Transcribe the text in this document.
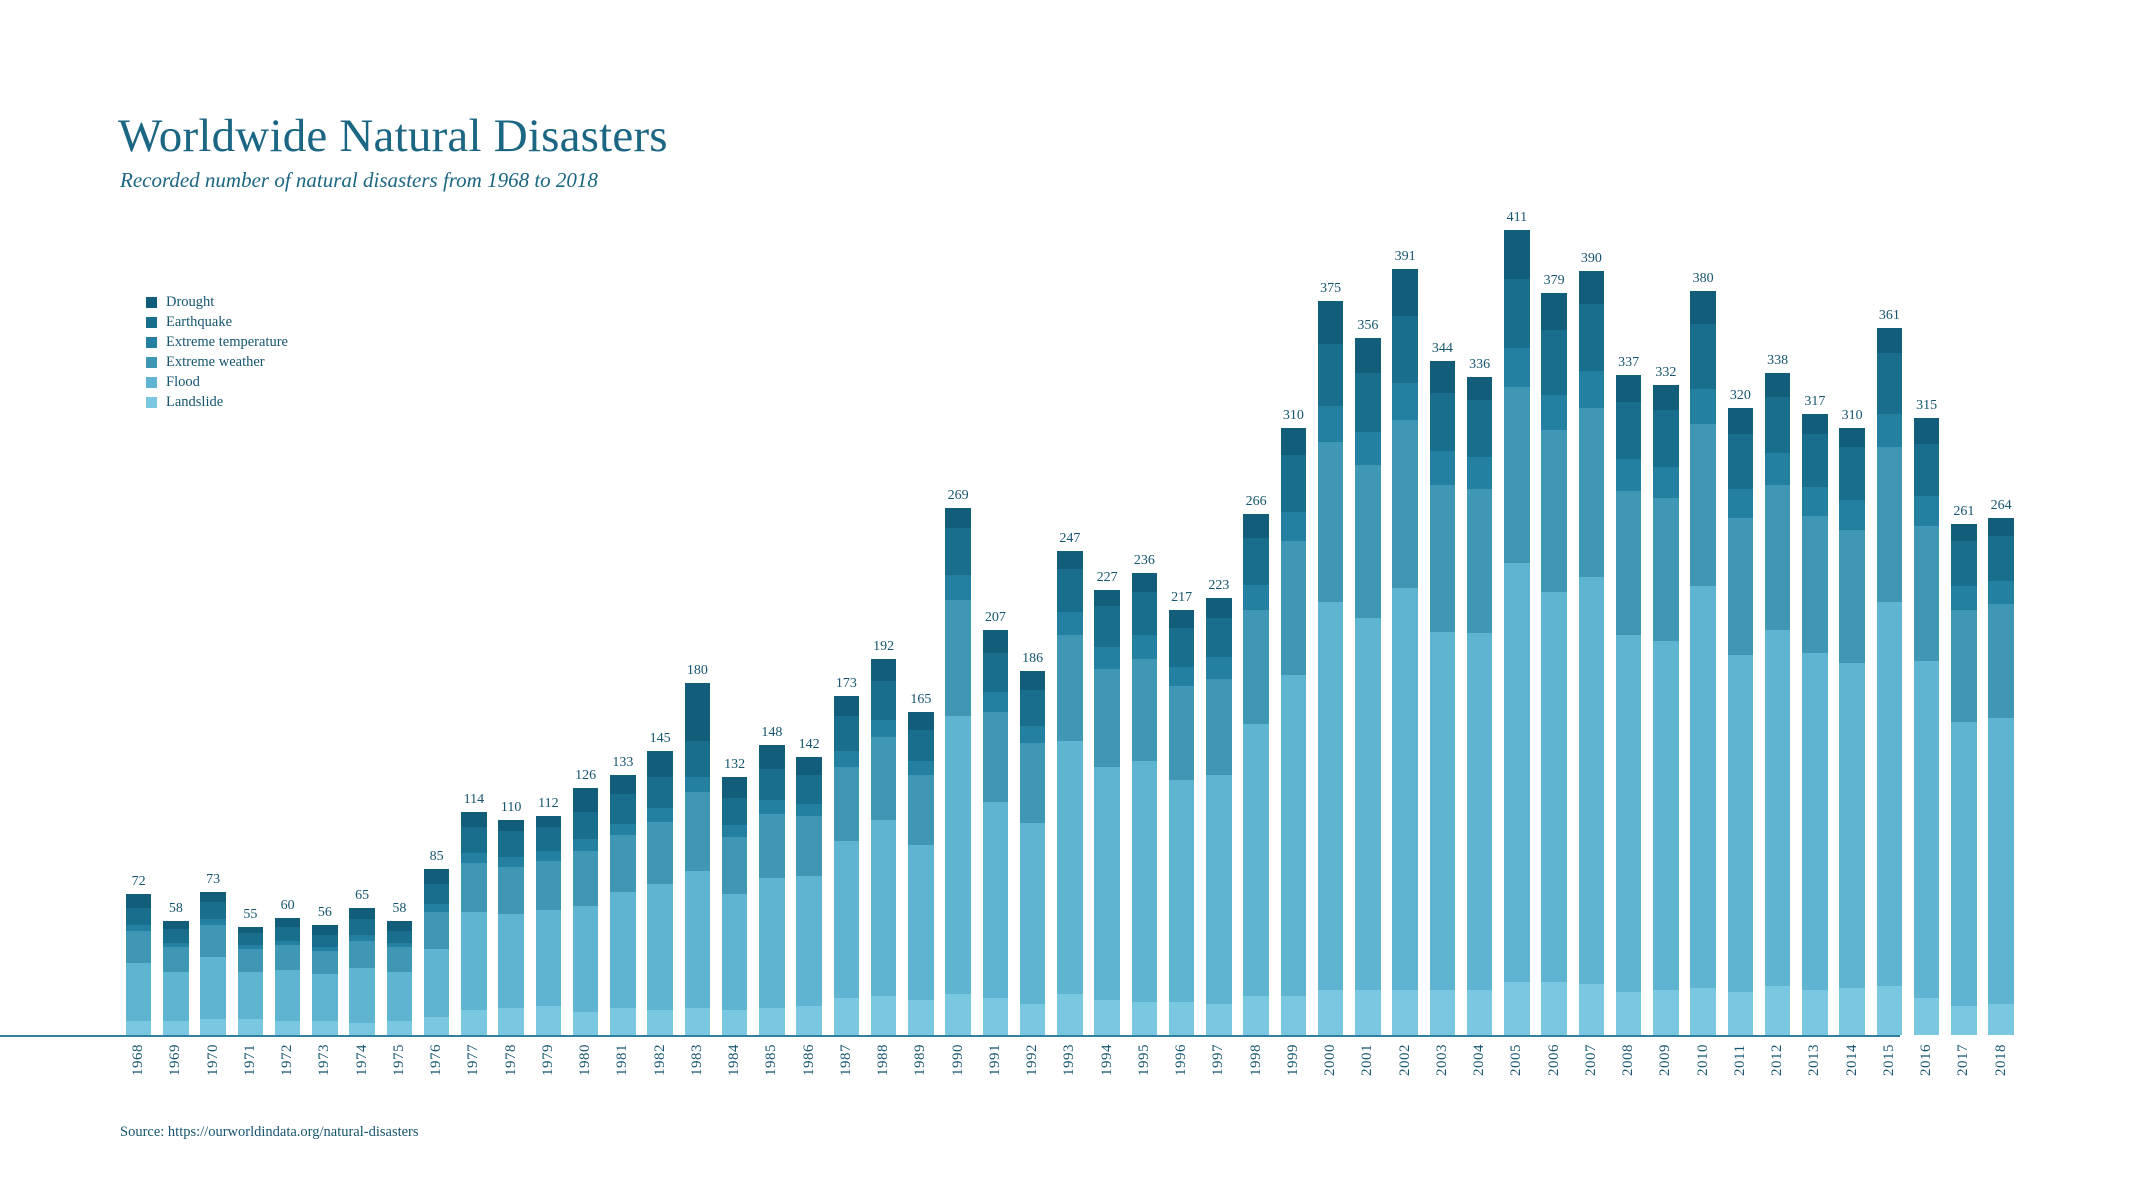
Worldwide Natural Disasters
Recorded number of natural disasters from 1968 to 2018
Drought
Earthquake
Extreme temperature
Extreme weather
Flood
Landslide
72
58
73
55
60
56
65
58
85
114
110 112
126
133
145
180
132
148
142
173
192
165
269
207
186
247
227
236
217
223
266
310
375
356
391
344
336
411
379
390
337
332
380
320
338
317
310
361
315
261 264
1968 1969 1970 1971 1972 1973 1974 1975 1976 1977 1978 1979 1980 1981 1982 1983 1984 1985 1986 1987 1988 1989 1990 1991 1992 1993 1994 1995 1996 1997 1998 1999 2000 2001 2002 2003 2004 2005 2006 2007 2008 2009 2010 2011 2012 2013 2014 2015 2016 2017 2018
Source: https://ourworldindata.org/natural-disasters
